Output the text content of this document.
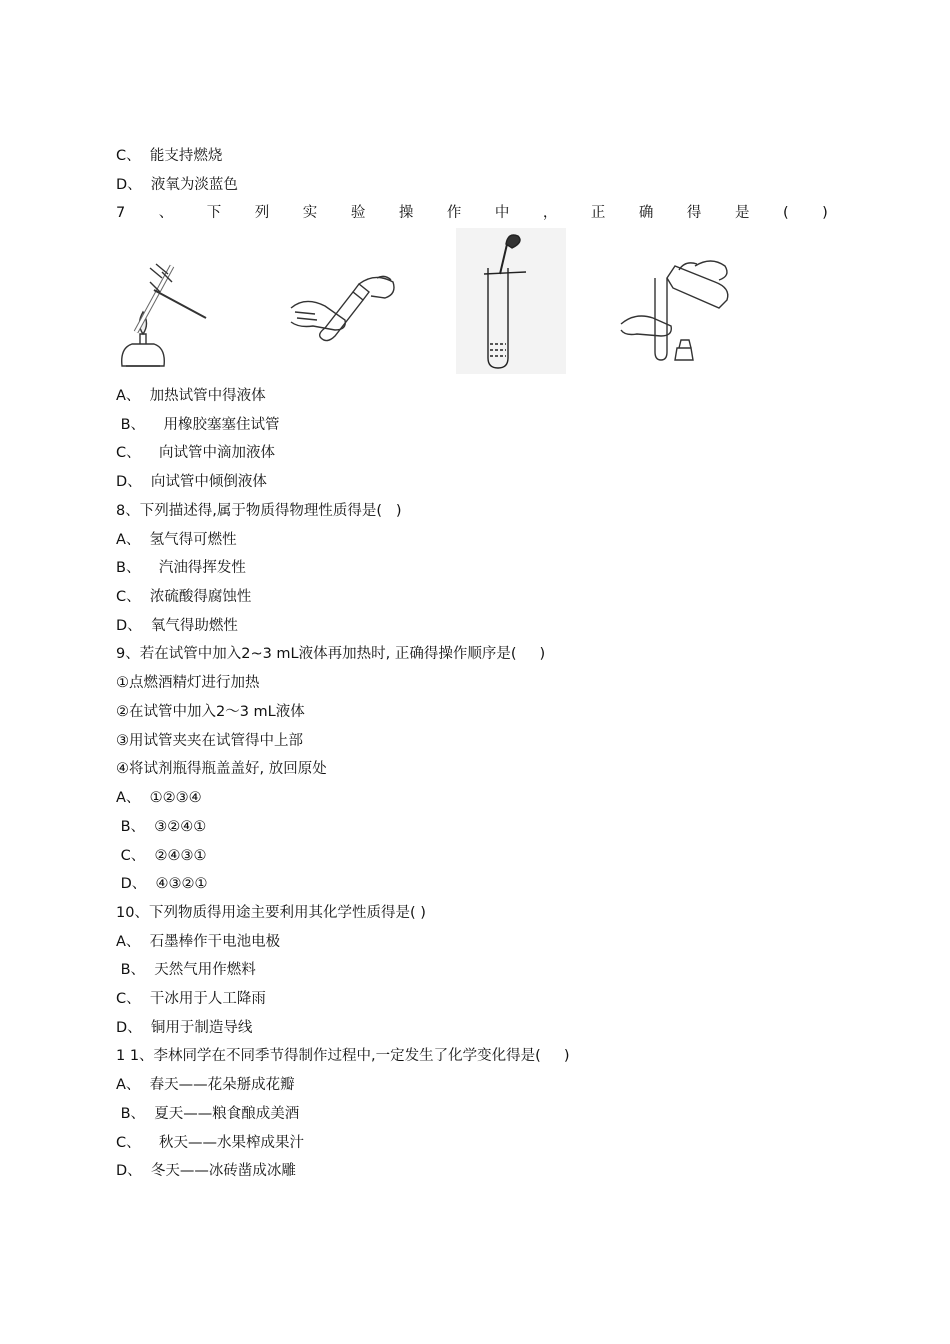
C、  能支持燃烧
D、  液氧为淡蓝色
7 、 下 列 实 验 操 作 中 ， 正 确 得 是 ( )
A、  加热试管中得液体
B、    用橡胶塞塞住试管
C、    向试管中滴加液体
D、  向试管中倾倒液体
8、下列描述得,属于物质得物理性质得是(   )
A、  氢气得可燃性
B、    汽油得挥发性
C、  浓硫酸得腐蚀性
D、  氧气得助燃性
9、若在试管中加入2~3 mL液体再加热时, 正确得操作顺序是(     )
①点燃酒精灯进行加热
②在试管中加入2～3 mL液体
③用试管夹夹在试管得中上部
④将试剂瓶得瓶盖盖好, 放回原处
A、  ①②③④
B、  ③②④①
C、  ②④③①
D、  ④③②①
10、下列物质得用途主要利用其化学性质得是( )
A、  石墨棒作干电池电极
B、  天然气用作燃料
C、  干冰用于人工降雨
D、  铜用于制造导线
1 1、李林同学在不同季节得制作过程中,一定发生了化学变化得是(     )
A、  春天——花朵掰成花瓣
B、  夏天——粮食酿成美酒
C、    秋天——水果榨成果汁
D、  冬天——冰砖凿成冰雕
